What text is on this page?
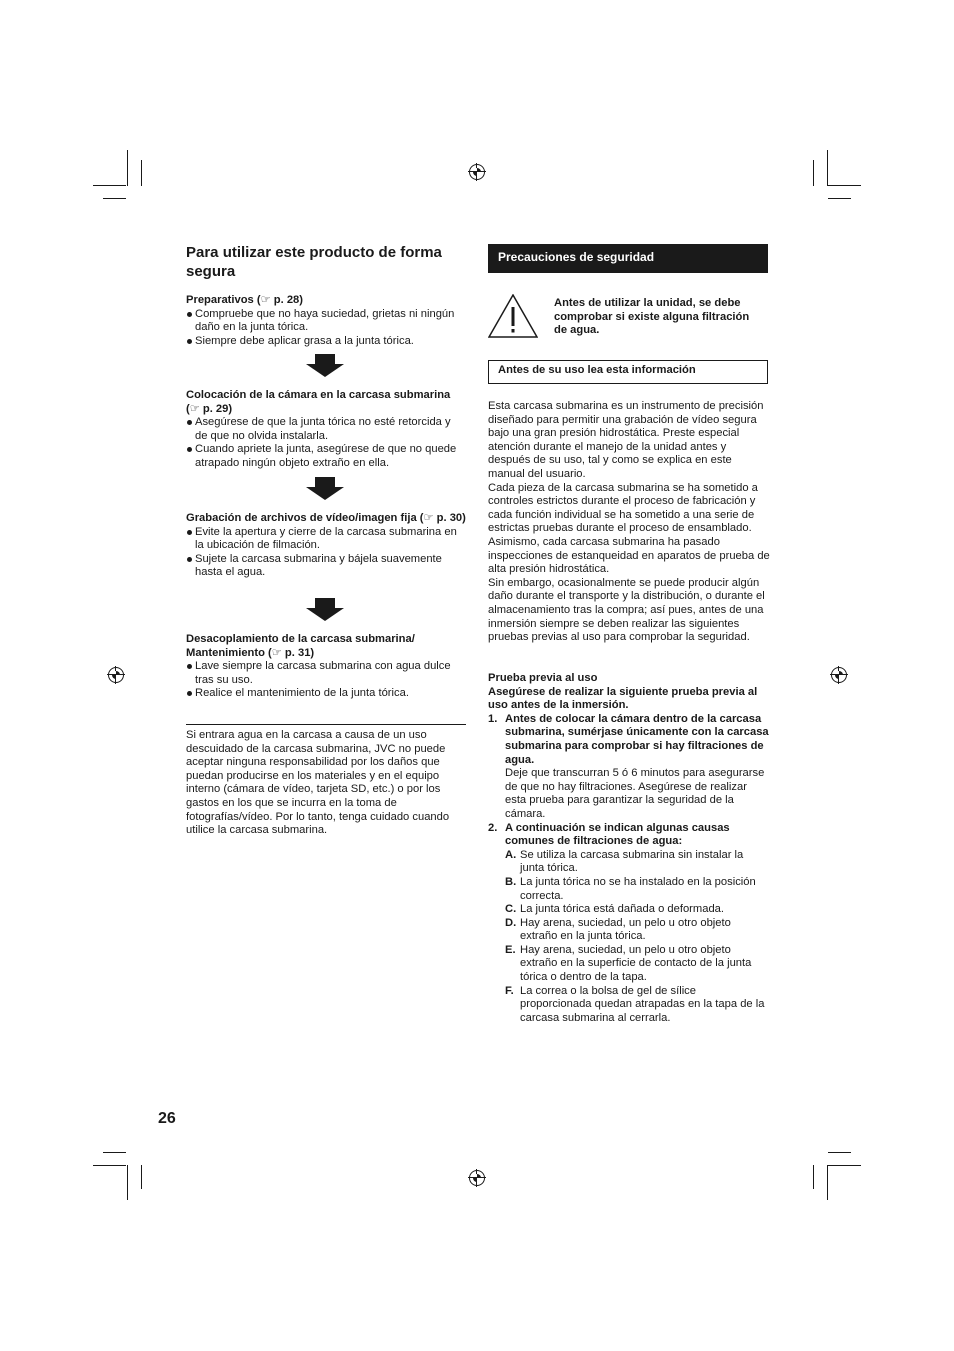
Para utilizar este producto de forma segura
Preparativos (☞ p. 28)
Compruebe que no haya suciedad, grietas ni ningún daño en la junta tórica.
Siempre debe aplicar grasa a la junta tórica.
Colocación de la cámara en la carcasa submarina (☞ p. 29)
Asegúrese de que la junta tórica no esté retorcida y de que no olvida instalarla.
Cuando apriete la junta, asegúrese de que no quede atrapado ningún objeto extraño en ella.
Grabación de archivos de vídeo/imagen fija (☞ p. 30)
Evite la apertura y cierre de la carcasa submarina en la ubicación de filmación.
Sujete la carcasa submarina y bájela suavemente hasta el agua.
Desacoplamiento de la carcasa submarina/ Mantenimiento (☞ p. 31)
Lave siempre la carcasa submarina con agua dulce tras su uso.
Realice el mantenimiento de la junta tórica.
Si entrara agua en la carcasa a causa de un uso descuidado de la carcasa submarina, JVC no puede aceptar ninguna responsabilidad por los daños que puedan producirse en los materiales y en el equipo interno (cámara de vídeo, tarjeta SD, etc.) o por los gastos en los que se incurra en la toma de fotografías/vídeo. Por lo tanto, tenga cuidado cuando utilice la carcasa submarina.
26
Precauciones de seguridad
Antes de utilizar la unidad, se debe comprobar si existe alguna filtración de agua.
Antes de su uso lea esta información
Esta carcasa submarina es un instrumento de precisión diseñado para permitir una grabación de vídeo segura bajo una gran presión hidrostática. Preste especial atención durante el manejo de la unidad antes y después de su uso, tal y como se explica en este manual del usuario.
Cada pieza de la carcasa submarina se ha sometido a controles estrictos durante el proceso de fabricación y cada función individual se ha sometido a una serie de estrictas pruebas durante el proceso de ensamblado. Asimismo, cada carcasa submarina ha pasado inspecciones de estanqueidad en aparatos de prueba de alta presión hidrostática.
Sin embargo, ocasionalmente se puede producir algún daño durante el transporte y la distribución, o durante el almacenamiento tras la compra; así pues, antes de una inmersión siempre se deben realizar las siguientes pruebas previas al uso para comprobar la seguridad.
Prueba previa al uso
Asegúrese de realizar la siguiente prueba previa al uso antes de la inmersión.
1. Antes de colocar la cámara dentro de la carcasa submarina, sumérjase únicamente con la carcasa submarina para comprobar si hay filtraciones de agua.
Deje que transcurran 5 ó 6 minutos para asegurarse de que no hay filtraciones. Asegúrese de realizar esta prueba para garantizar la seguridad de la cámara.
2. A continuación se indican algunas causas comunes de filtraciones de agua:
A. Se utiliza la carcasa submarina sin instalar la junta tórica.
B. La junta tórica no se ha instalado en la posición correcta.
C. La junta tórica está dañada o deformada.
D. Hay arena, suciedad, un pelo u otro objeto extraño en la junta tórica.
E. Hay arena, suciedad, un pelo u otro objeto extraño en la superficie de contacto de la junta tórica o dentro de la tapa.
F. La correa o la bolsa de gel de sílice proporcionada quedan atrapadas en la tapa de la carcasa submarina al cerrarla.
